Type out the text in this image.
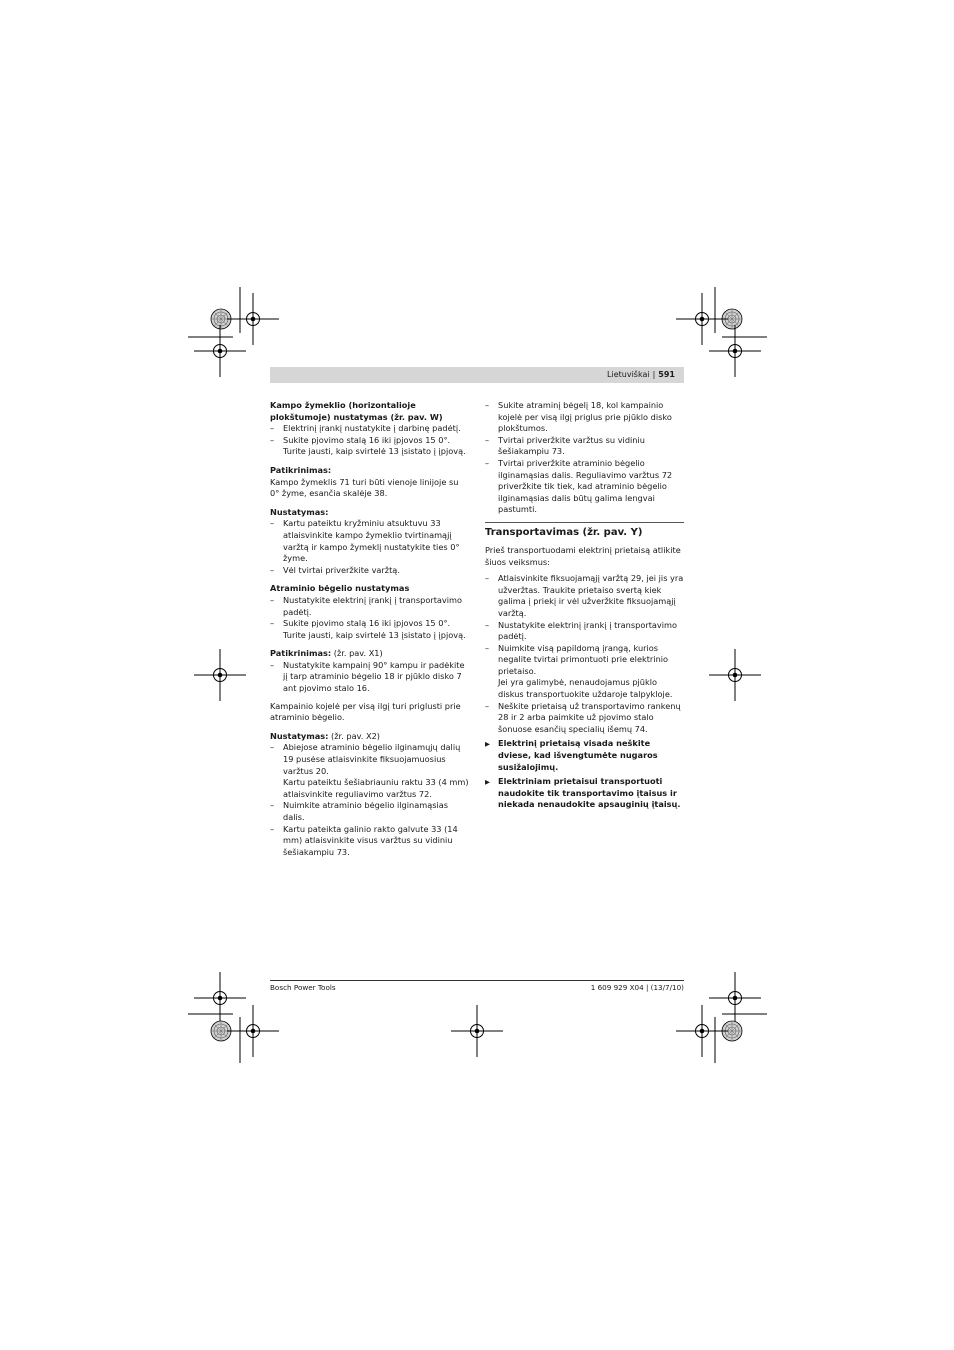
Lietuviškai | 591
Kampo žymeklio (horizontalioje plokštumoje) nustatymas (žr. pav. W)
– Elektrinį įrankį nustatykite į darbinę padėtį.
– Sukite pjovimo stalą 16 iki įpjovos 15 0°. Turite jausti, kaip svirtelė 13 įsistato į įpjovą.
Patikrinimas:

Kampo žymeklis 71 turi būti vienoje linijoje su 0° žyme, esančia skalėje 38.

Nustatymas:
– Kartu pateiktu kryžminiu atsuktuvu 33 atlaisvinkite kampo žymeklio tvirtinamąjį varžtą ir kampo žymeklį nustatykite ties 0° žyme.
– Vėl tvirtai priveržkite varžtą.
Atraminio bėgelio nustatymas
– Nustatykite elektrinį įrankį į transportavimo padėtį.
– Sukite pjovimo stalą 16 iki įpjovos 15 0°. Turite jausti, kaip svirtelė 13 įsistato į įpjovą.

Patikrinimas: (žr. pav. X1)

– Nustatykite kampainį 90° kampu ir padėkite jį tarp atraminio bėgelio 18 ir pjūklo disko 7 ant pjovimo stalo 16.

Kampainio kojelė per visą ilgį turi priglusti prie atraminio bėgelio.

Nustatymas: (žr. pav. X2)

– Abiejose atraminio bėgelio ilginamųjų dalių 19 pusėse atlaisvinkite fiksuojamuosius varžtus 20.
Kartu pateiktu šešiabriauniu raktu 33 (4 mm) atlaisvinkite reguliavimo varžtus 72.
– Nuimkite atraminio bėgelio ilginamąsias dalis.
– Kartu pateikta galinio rakto galvute 33 (14 mm) atlaisvinkite visus varžtus su vidiniu šešiakampiu 73.
– Sukite atraminį bėgelį 18, kol kampainio kojelė per visą ilgį priglus prie pjūklo disko plokštumos.
– Tvirtai priveržkite varžtus su vidiniu šešiakampiu 73.
– Tvirtai priveržkite atraminio bėgelio ilginamąsias dalis. Reguliavimo varžtus 72 priveržkite tik tiek, kad atraminio bėgelio ilginamąsias dalis būtų galima lengvai pastumti.
Transportavimas (žr. pav. Y)

Prieš transportuodami elektrinį prietaisą atlikite šiuos veiksmus:

– Atlaisvinkite fiksuojamąjį varžtą 29, jei jis yra užveržtas. Traukite prietaiso svertą kiek galima į priekį ir vėl užveržkite fiksuojamąjį varžtą.
– Nustatykite elektrinį įrankį į transportavimo padėtį.
– Nuimkite visą papildomą įrangą, kurios negalite tvirtai primontuoti prie elektrinio prietaiso.
Jei yra galimybė, nenaudojamus pjūklo diskus transportuokite uždaroje talpykloje.
– Neškite prietaisą už transportavimo rankenų 28 ir 2 arba paimkite už pjovimo stalo šonuose esančių specialių išemų 74.
▶ Elektrinį prietaisą visada neškite dviese, kad išvengtumėte nugaros susižalojimų.
▶ Elektriniam prietaisui transportuoti naudokite tik transportavimo įtaisus ir niekada nenaudokite apsauginių įtaisų.
Bosch Power Tools	1 609 929 X04 | (13/7/10)
